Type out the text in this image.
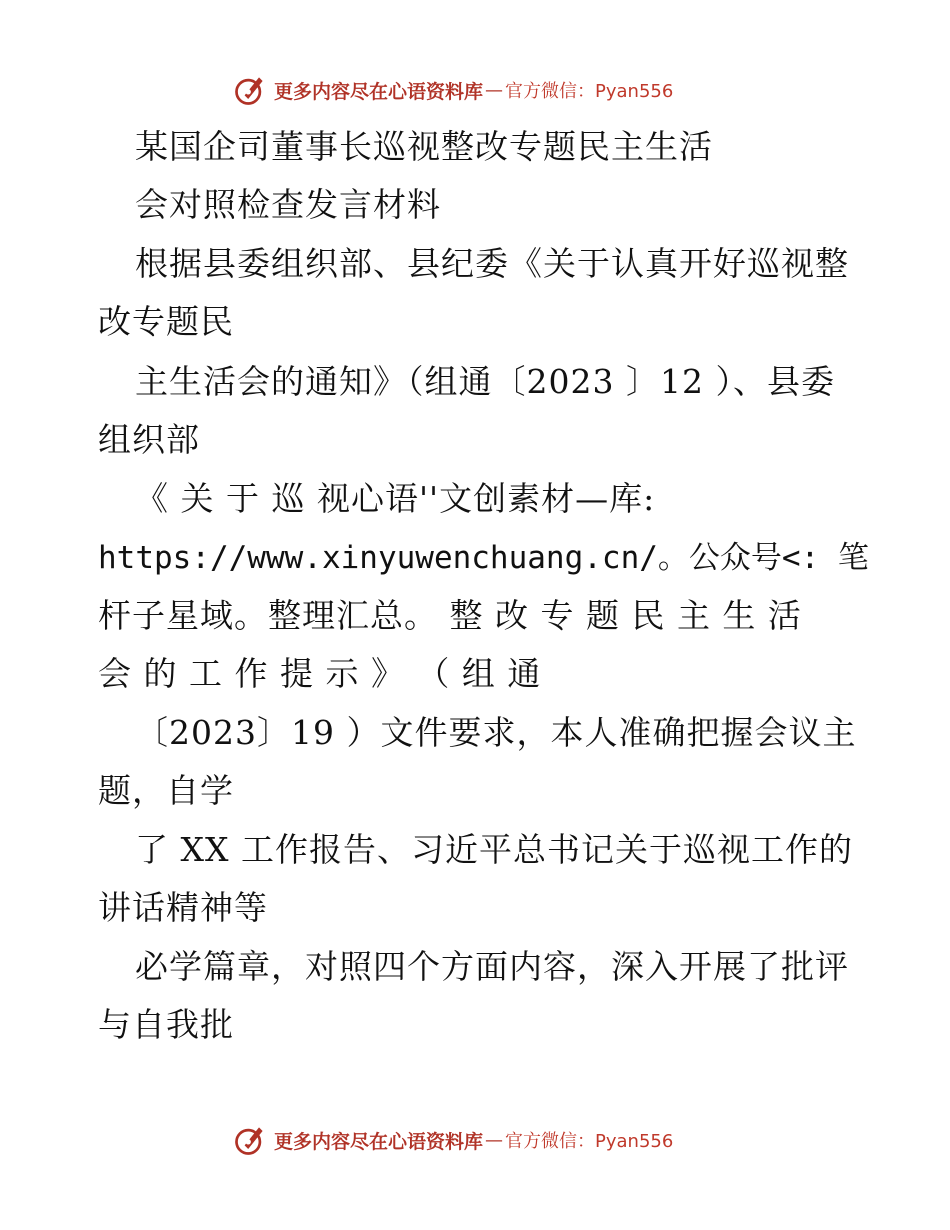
更多内容尽在心语资料库 — 官方微信：Pyan556
某国企司董事长巡视整改专题民主生活
会对照检查发言材料
根据县委组织部、县纪委《关于认真开好巡视整
改专题民
主生活会的通知》（组通〔2023 〕12 ）、县委
组织部
《 关 于 巡 视心语''文创素材—库:
https://www.xinyuwenchuang.cn/。公众号<: 笔
杆子星域。整理汇总。 整 改 专 题 民 主 生 活
会 的 工 作 提 示 》 （ 组 通
〔2023〕19 ）文件要求，本人准确把握会议主
题，自学
了 XX 工作报告、习近平总书记关于巡视工作的
讲话精神等
必学篇章，对照四个方面内容，深入开展了批评
与自我批
更多内容尽在心语资料库 — 官方微信：Pyan556
